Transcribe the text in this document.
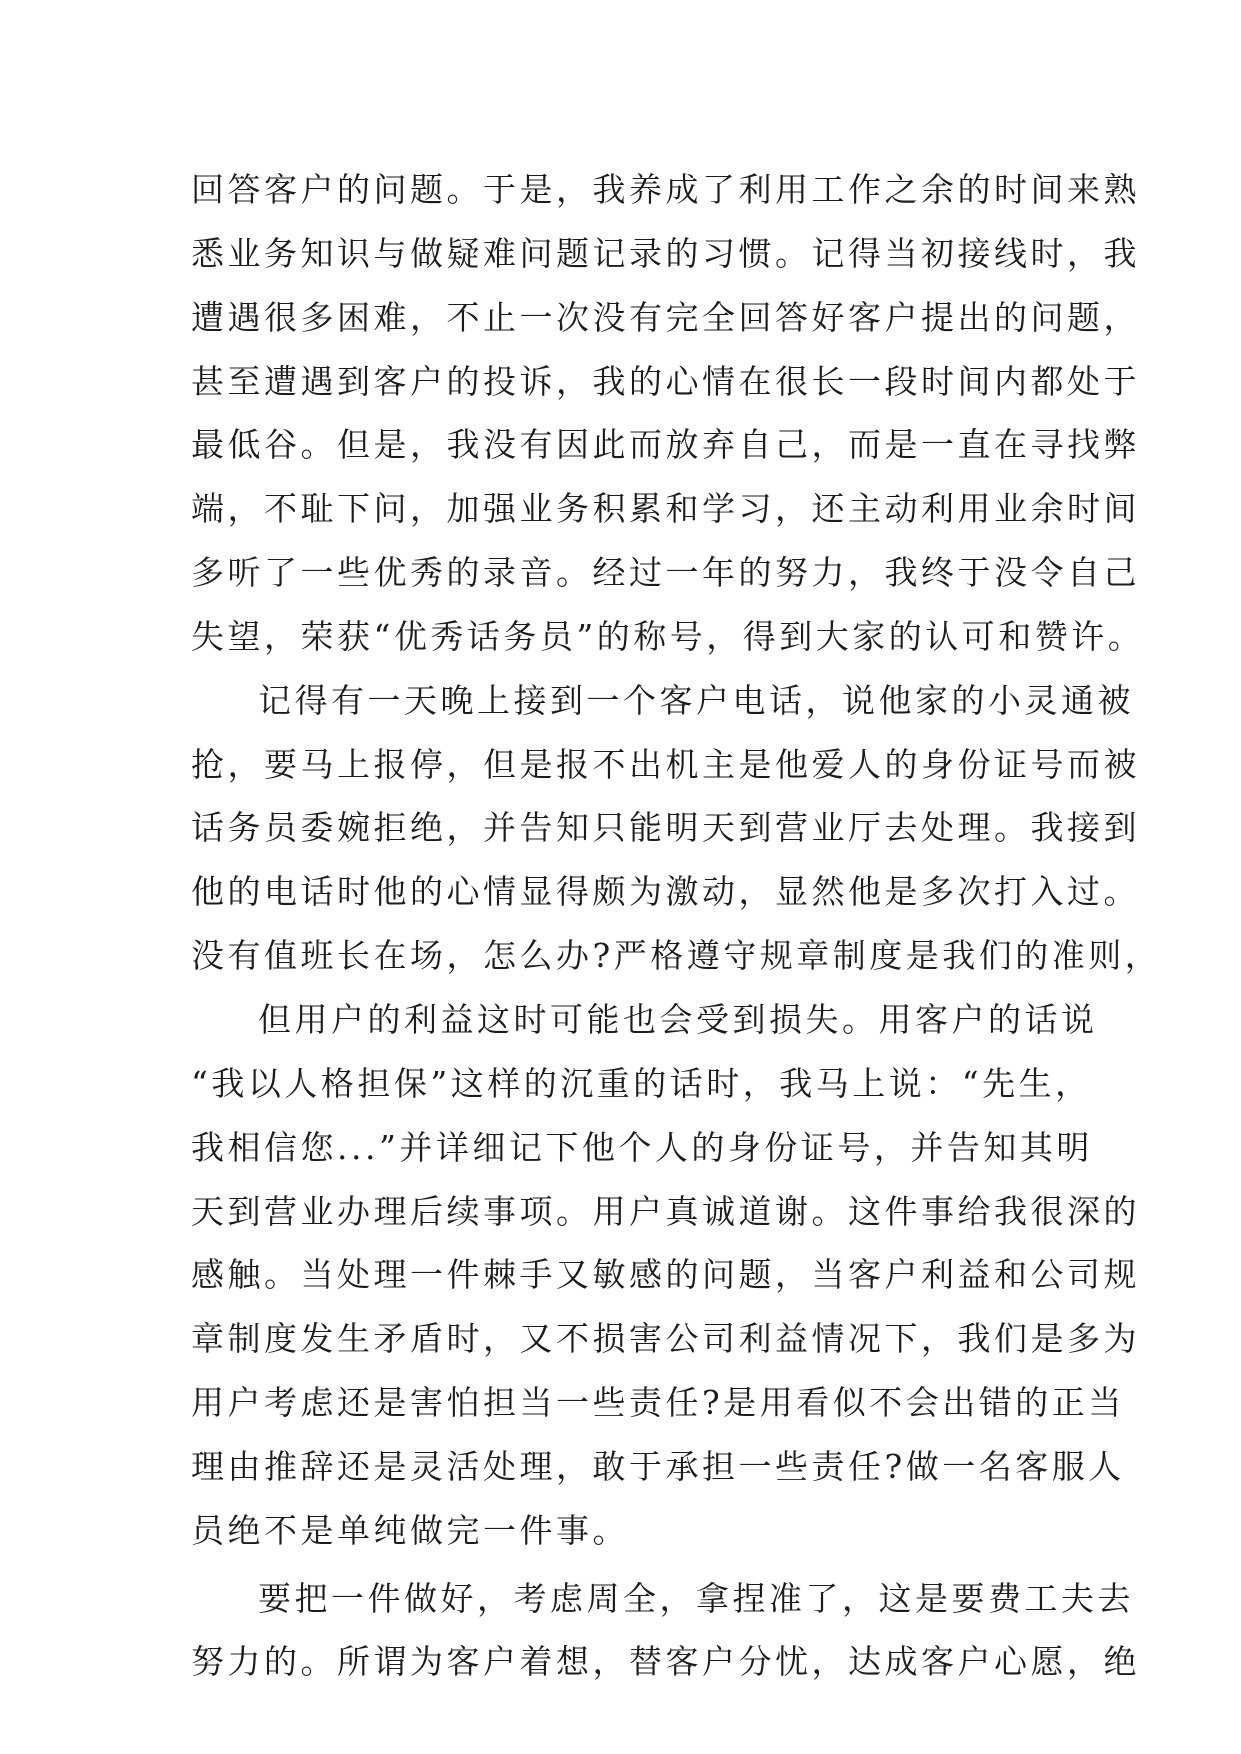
回答客户的问题。于是，我养成了利用工作之余的时间来熟
悉业务知识与做疑难问题记录的习惯。记得当初接线时，我
遭遇很多困难，不止一次没有完全回答好客户提出的问题，
甚至遭遇到客户的投诉，我的心情在很长一段时间内都处于
最低谷。但是，我没有因此而放弃自己，而是一直在寻找弊
端，不耻下问，加强业务积累和学习，还主动利用业余时间
多听了一些优秀的录音。经过一年的努力，我终于没令自己
失望，荣获“优秀话务员”的称号，得到大家的认可和赞许。
记得有一天晚上接到一个客户电话，说他家的小灵通被
抢，要马上报停，但是报不出机主是他爱人的身份证号而被
话务员委婉拒绝，并告知只能明天到营业厅去处理。我接到
他的电话时他的心情显得颇为激动，显然他是多次打入过。
没有值班长在场，怎么办?严格遵守规章制度是我们的准则，
但用户的利益这时可能也会受到损失。用客户的话说
“我以人格担保”这样的沉重的话时，我马上说：“先生，
我相信您...”并详细记下他个人的身份证号，并告知其明
天到营业办理后续事项。用户真诚道谢。这件事给我很深的
感触。当处理一件棘手又敏感的问题，当客户利益和公司规
章制度发生矛盾时，又不损害公司利益情况下，我们是多为
用户考虑还是害怕担当一些责任?是用看似不会出错的正当
理由推辞还是灵活处理，敢于承担一些责任?做一名客服人
员绝不是单纯做完一件事。
要把一件做好，考虑周全，拿捏准了，这是要费工夫去
努力的。所谓为客户着想，替客户分忧，达成客户心愿，绝
